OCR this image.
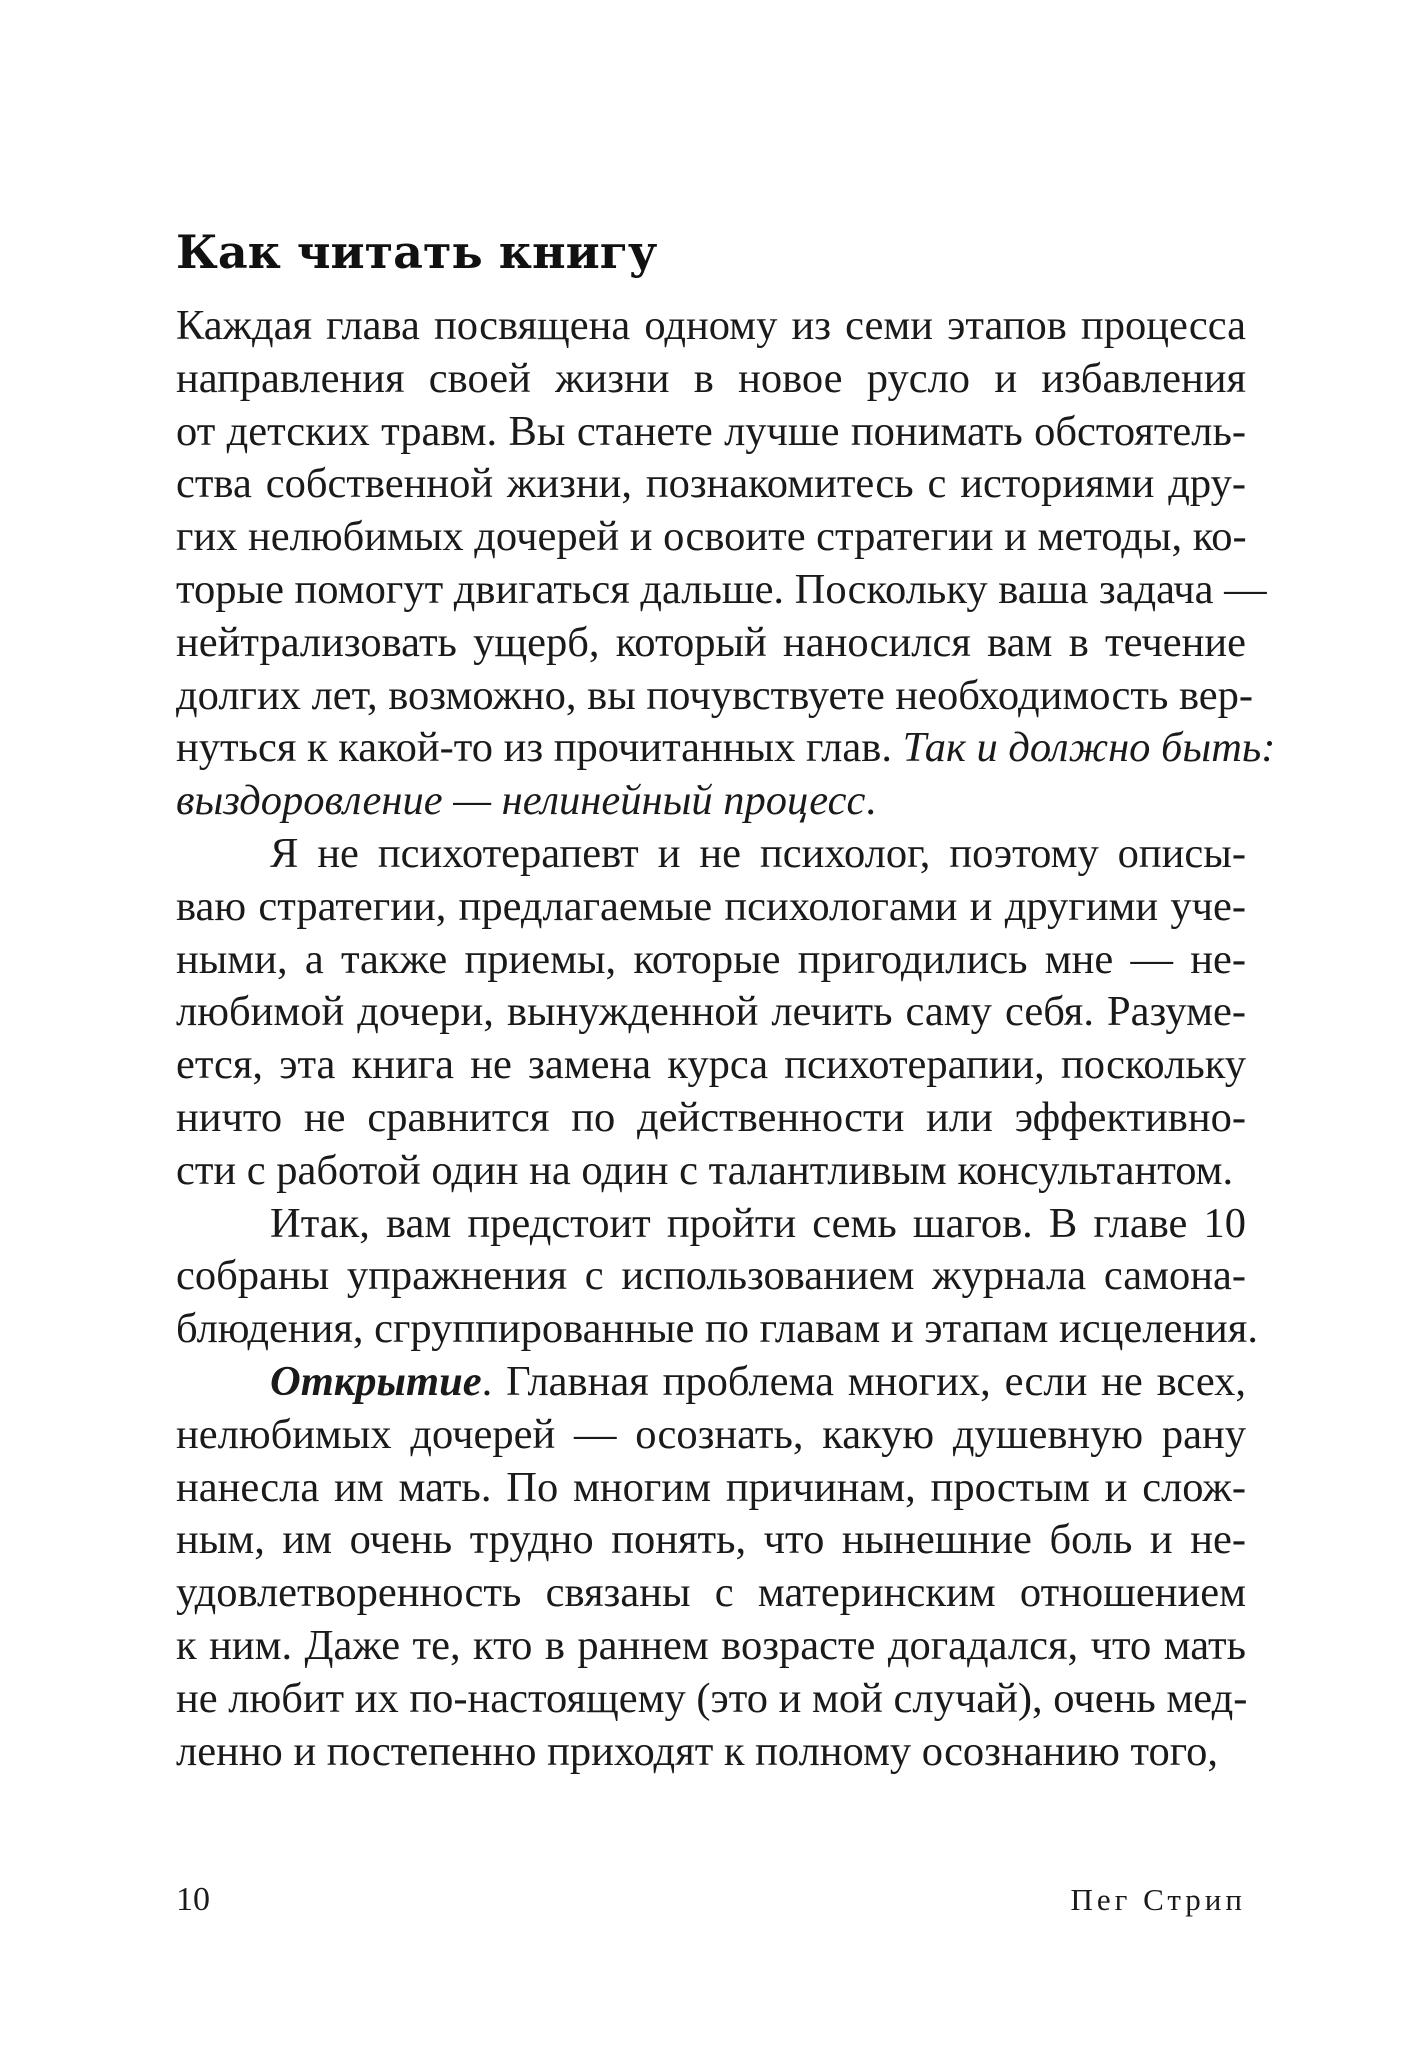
Как читать книгу
Каждая глава посвящена одному из семи этапов процесса
направления своей жизни в новое русло и избавления
от детских травм. Вы станете лучше понимать обстоятель-
ства собственной жизни, познакомитесь с историями дру-
гих нелюбимых дочерей и освоите стратегии и методы, ко-
торые помогут двигаться дальше. Поскольку ваша задача —
нейтрализовать ущерб, который наносился вам в течение
долгих лет, возможно, вы почувствуете необходимость вер-
нуться к какой-то из прочитанных глав. Так и должно быть:
выздоровление — нелинейный процесс.
Я не психотерапевт и не психолог, поэтому описы-
ваю стратегии, предлагаемые психологами и другими уче-
ными, а также приемы, которые пригодились мне — не-
любимой дочери, вынужденной лечить саму себя. Разуме-
ется, эта книга не замена курса психотерапии, поскольку
ничто не сравнится по действенности или эффективно-
сти с работой один на один с талантливым консультантом.
Итак, вам предстоит пройти семь шагов. В главе 10
собраны упражнения с использованием журнала самона-
блюдения, сгруппированные по главам и этапам исцеления.
Открытие. Главная проблема многих, если не всех,
нелюбимых дочерей — осознать, какую душевную рану
нанесла им мать. По многим причинам, простым и слож-
ным, им очень трудно понять, что нынешние боль и не-
удовлетворенность связаны с материнским отношением
к ним. Даже те, кто в раннем возрасте догадался, что мать
не любит их по-настоящему (это и мой случай), очень мед-
ленно и постепенно приходят к полному осознанию того,
10	Пег Стрип
